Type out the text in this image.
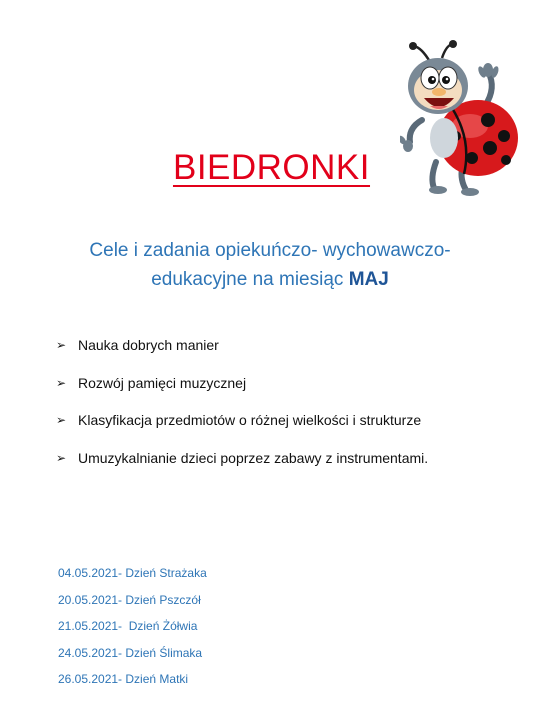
BIEDRONKI
Cele i zadania opiekuńczo- wychowawczo- edukacyjne na miesiąc MAJ
➢ Nauka dobrych manier
➢ Rozwój pamięci muzycznej
➢ Klasyfikacja przedmiotów o różnej wielkości i strukturze
➢ Umuzykalnianie dzieci poprzez zabawy z instrumentami.
04.05.2021- Dzień Strażaka
20.05.2021- Dzień Pszczół
21.05.2021-  Dzień Żółwia
24.05.2021- Dzień Ślimaka
26.05.2021- Dzień Matki
